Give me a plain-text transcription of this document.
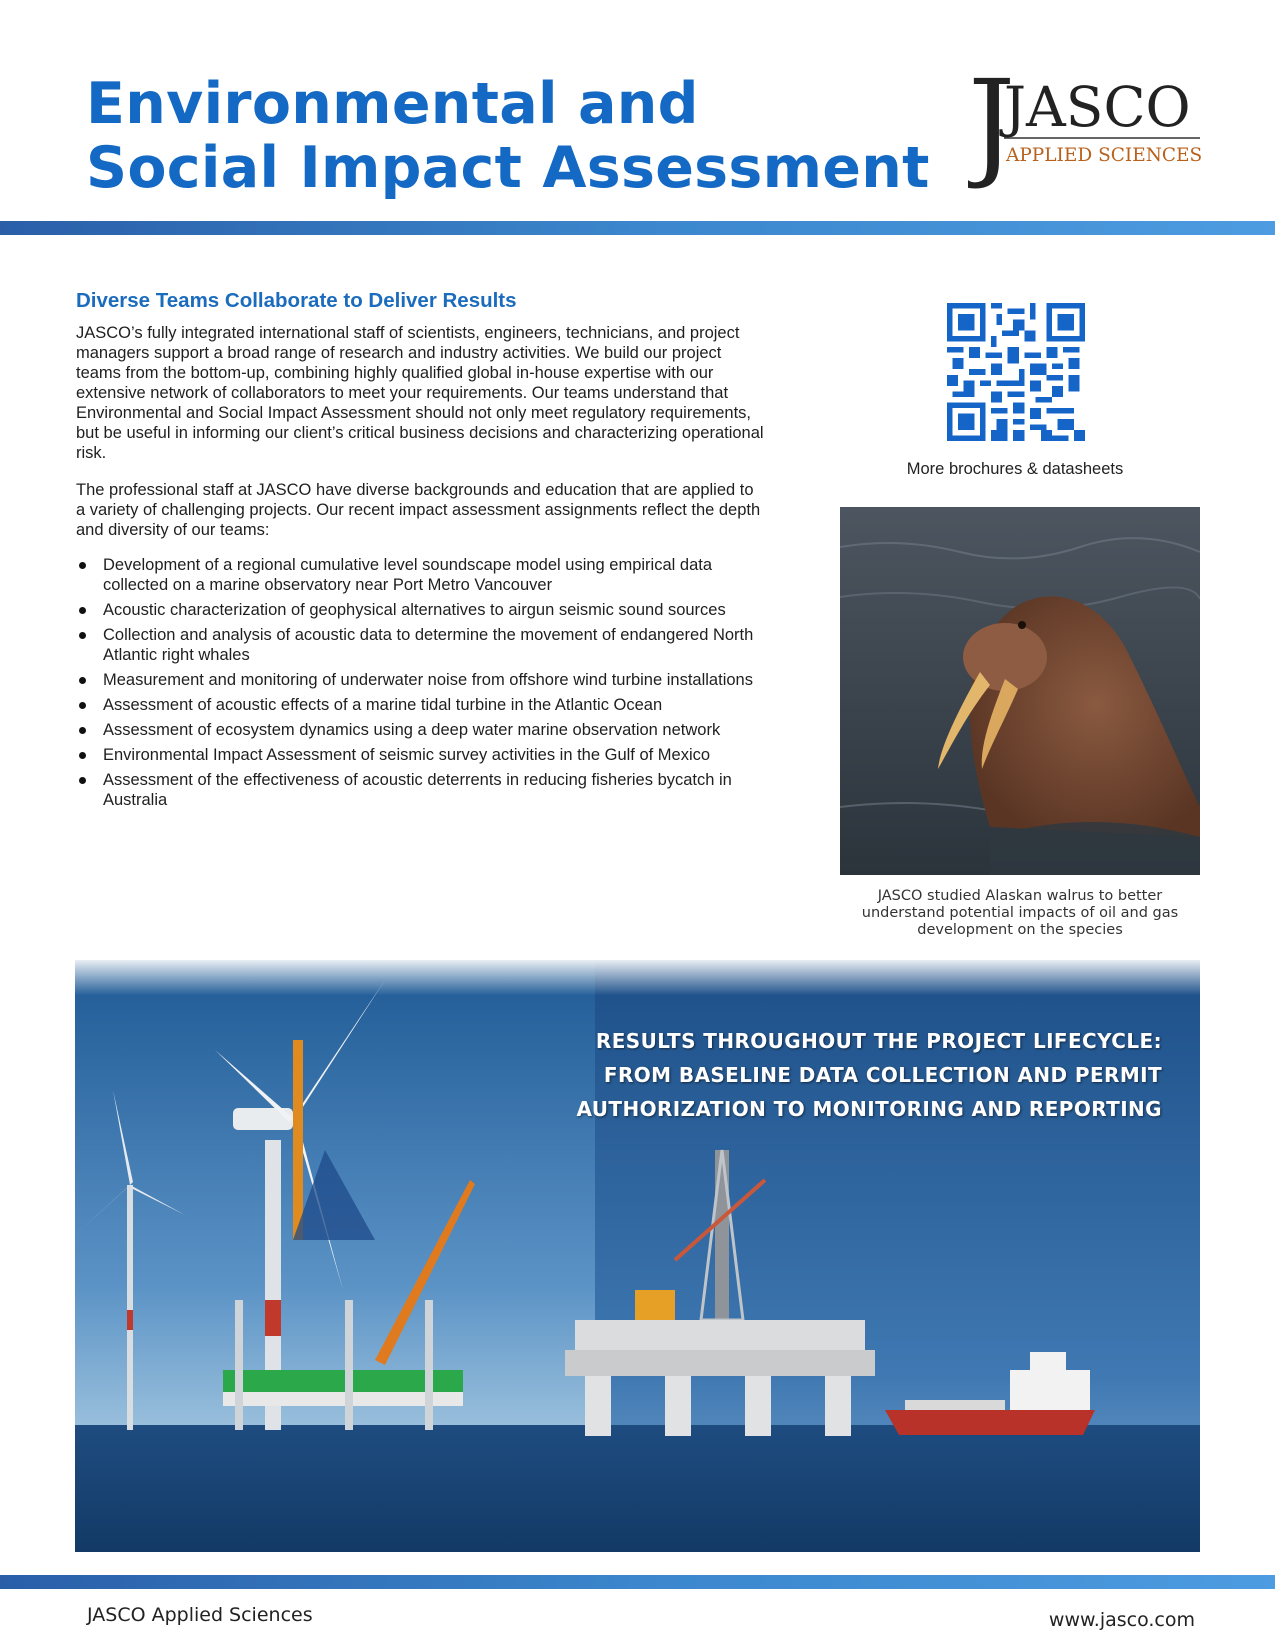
Environmental and
Social Impact Assessment J
JASCO
APPLIED SCIENCES
Diverse Teams Collaborate to Deliver Results

JASCO’s fully integrated international staff of scientists, engineers, technicians, and project managers support a broad range of research and industry activities. We build our project teams from the bottom-up, combining highly qualified global in-house expertise with our extensive network of collaborators to meet your requirements. Our teams understand that Environmental and Social Impact Assessment should not only meet regulatory requirements, but be useful in informing our client’s critical business decisions and characterizing operational risk.

The professional staff at JASCO have diverse backgrounds and education that are applied to a variety of challenging projects. Our recent impact assessment assignments reflect the depth and diversity of our teams:

Development of a regional cumulative level soundscape model using empirical data collected on a marine observatory near Port Metro Vancouver
Acoustic characterization of geophysical alternatives to airgun seismic sound sources
Collection and analysis of acoustic data to determine the movement of endangered North Atlantic right whales
Measurement and monitoring of underwater noise from offshore wind turbine installations
Assessment of acoustic effects of a marine tidal turbine in the Atlantic Ocean
Assessment of ecosystem dynamics using a deep water marine observation network
Environmental Impact Assessment of seismic survey activities in the Gulf of Mexico
Assessment of the effectiveness of acoustic deterrents in reducing fisheries bycatch in Australia
More brochures & datasheets

JASCO studied Alaskan walrus to better understand potential impacts of oil and gas development on the species

RESULTS THROUGHOUT THE PROJECT LIFECYCLE:
FROM BASELINE DATA COLLECTION AND PERMIT
AUTHORIZATION TO MONITORING AND REPORTING
JASCO Applied Sciences	www.jasco.com
